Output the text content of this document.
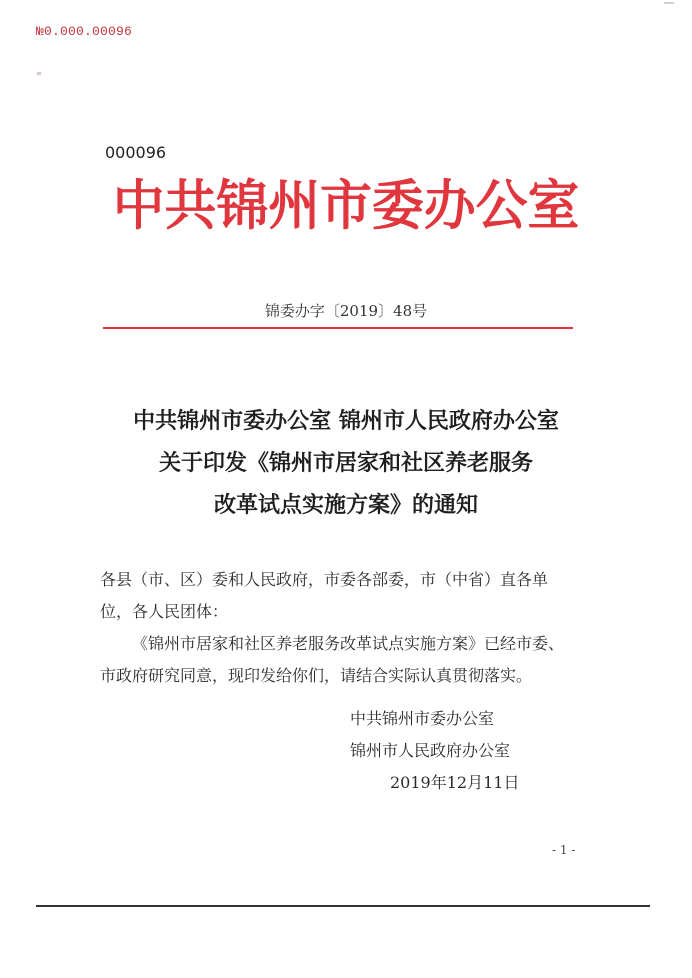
№0.000.00096
000096
中共锦州市委办公室
锦委办字〔2019〕48号
中共锦州市委办公室 锦州市人民政府办公室
关于印发《锦州市居家和社区养老服务
改革试点实施方案》的通知

各县（市、区）委和人民政府，市委各部委，市（中省）直各单

位，各人民团体：

《锦州市居家和社区养老服务改革试点实施方案》已经市委、

市政府研究同意，现印发给你们，请结合实际认真贯彻落实。

中共锦州市委办公室
锦州市人民政府办公室
2019年12月11日
- 1 -
